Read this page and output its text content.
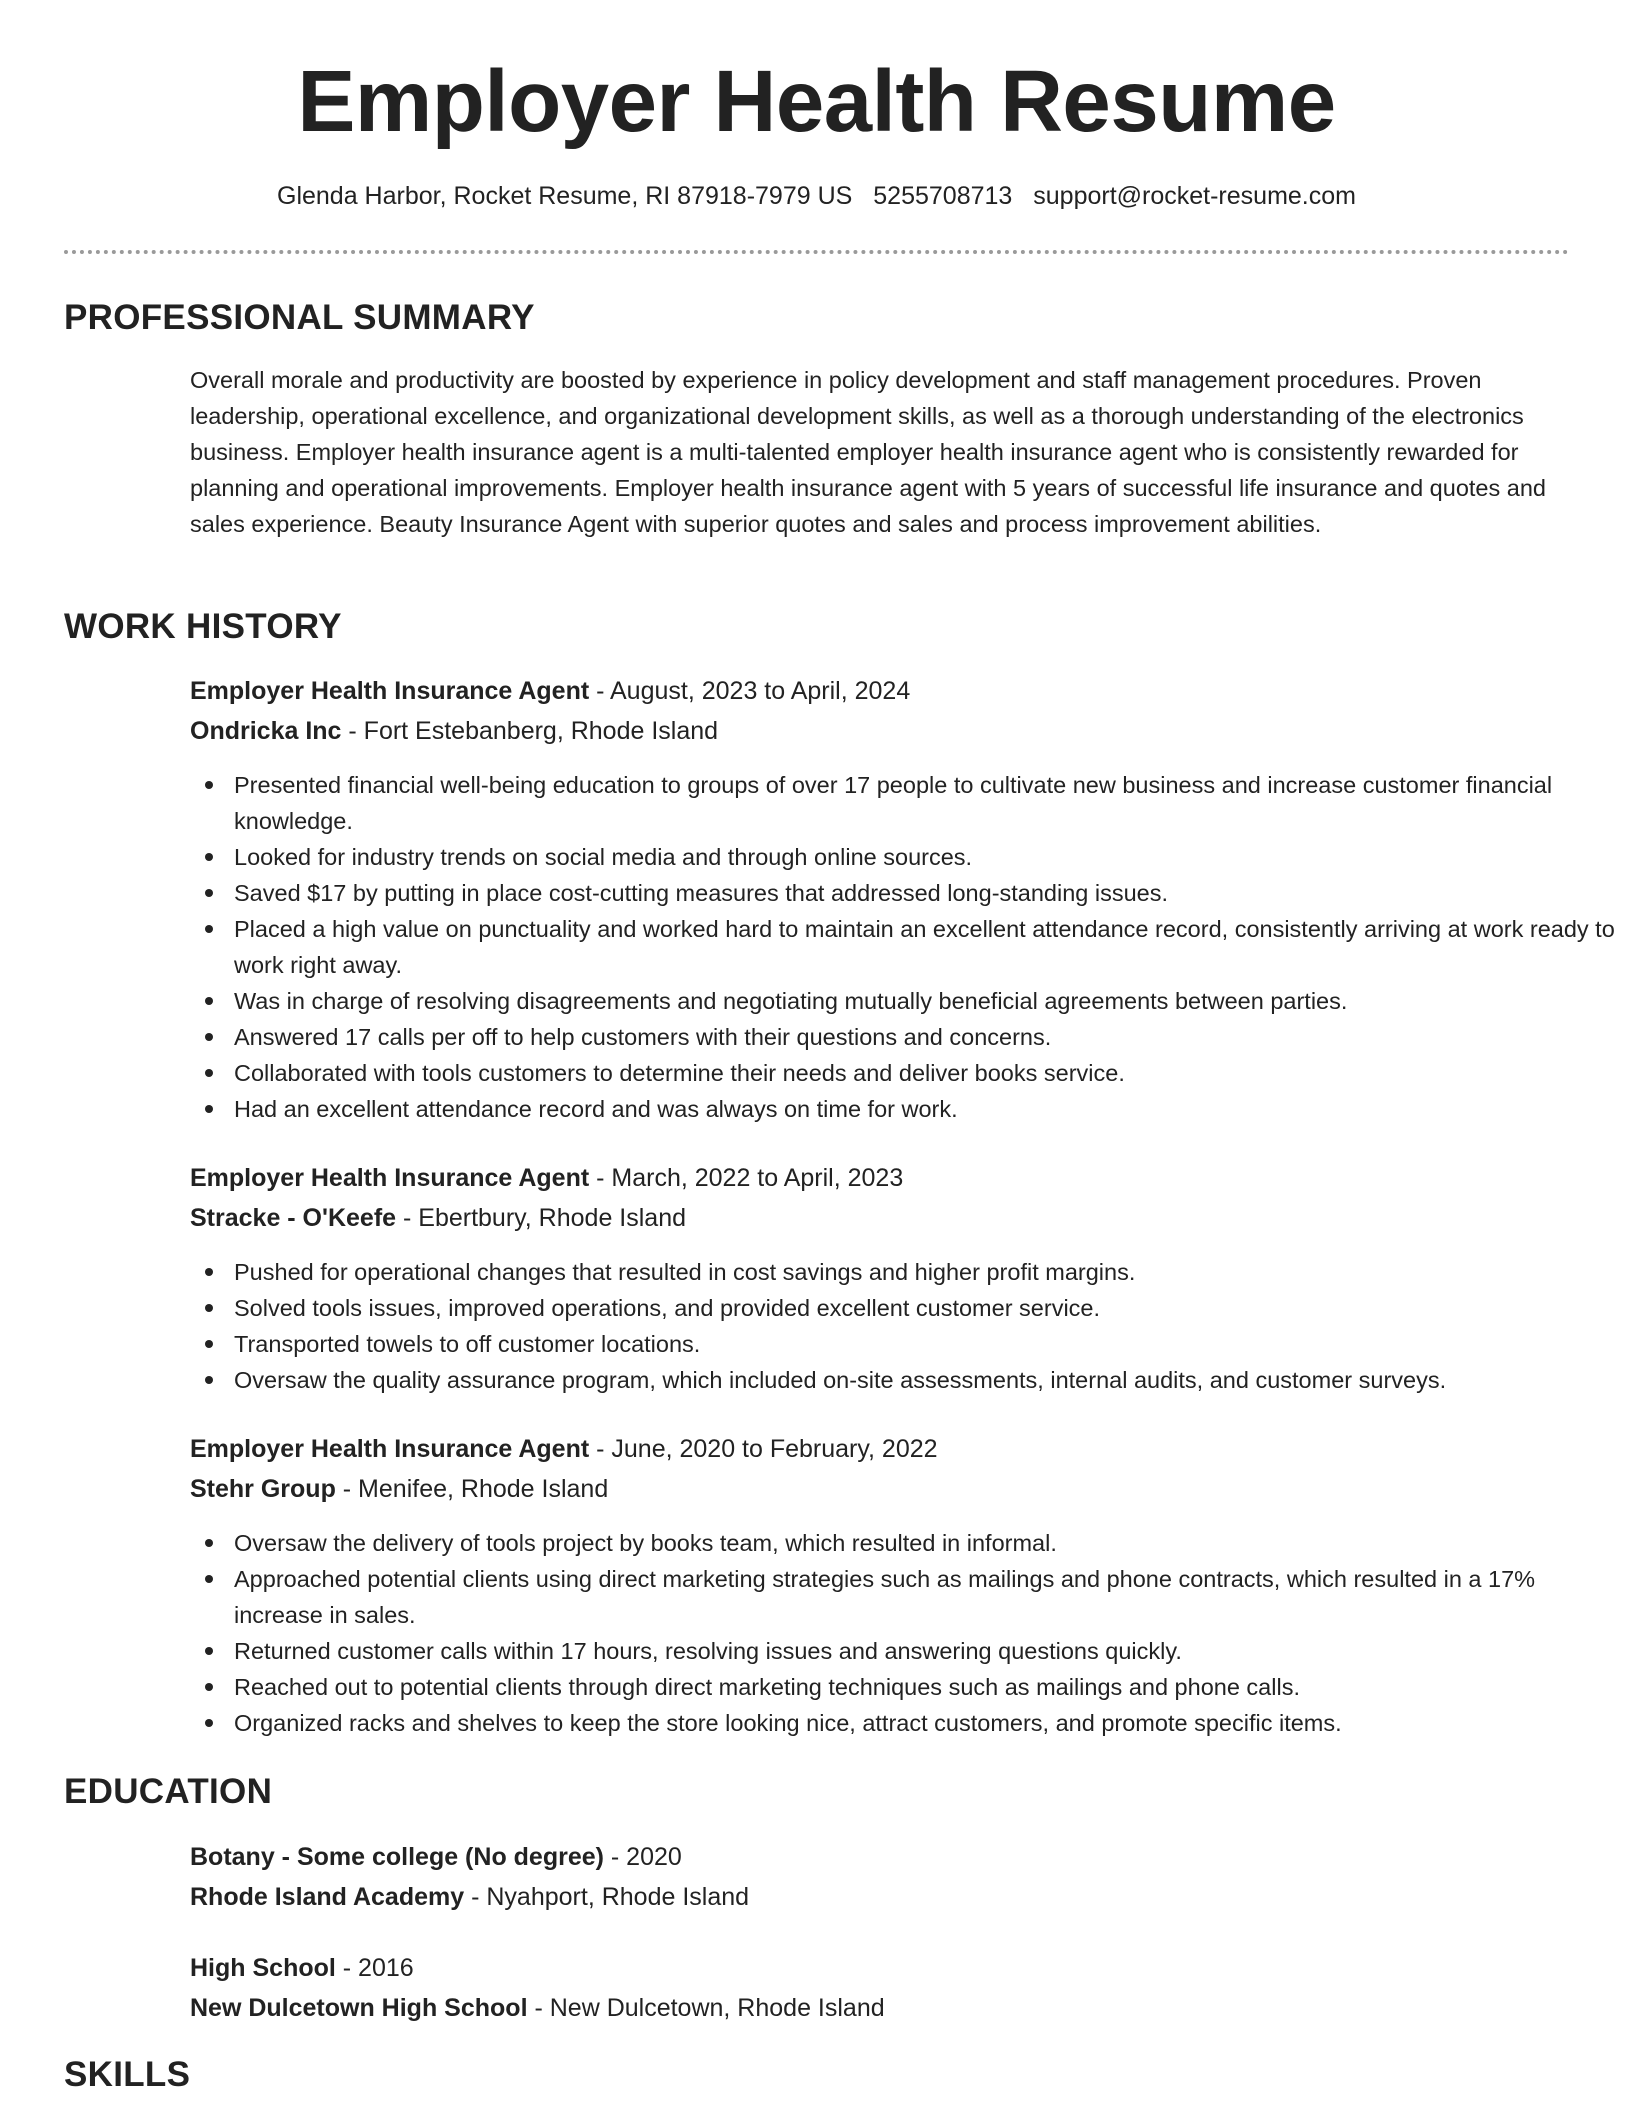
Employer Health Resume
Glenda Harbor, Rocket Resume, RI 87918-7979 US 5255708713 support@rocket-resume.com
PROFESSIONAL SUMMARY
Overall morale and productivity are boosted by experience in policy development and staff management procedures. Proven leadership, operational excellence, and organizational development skills, as well as a thorough understanding of the electronics business. Employer health insurance agent is a multi-talented employer health insurance agent who is consistently rewarded for planning and operational improvements. Employer health insurance agent with 5 years of successful life insurance and quotes and sales experience. Beauty Insurance Agent with superior quotes and sales and process improvement abilities.
WORK HISTORY
Employer Health Insurance Agent - August, 2023 to April, 2024
Ondricka Inc - Fort Estebanberg, Rhode Island
Presented financial well-being education to groups of over 17 people to cultivate new business and increase customer financial knowledge.
Looked for industry trends on social media and through online sources.
Saved $17 by putting in place cost-cutting measures that addressed long-standing issues.
Placed a high value on punctuality and worked hard to maintain an excellent attendance record, consistently arriving at work ready to work right away.
Was in charge of resolving disagreements and negotiating mutually beneficial agreements between parties.
Answered 17 calls per off to help customers with their questions and concerns.
Collaborated with tools customers to determine their needs and deliver books service.
Had an excellent attendance record and was always on time for work.
Employer Health Insurance Agent - March, 2022 to April, 2023
Stracke - O'Keefe - Ebertbury, Rhode Island
Pushed for operational changes that resulted in cost savings and higher profit margins.
Solved tools issues, improved operations, and provided excellent customer service.
Transported towels to off customer locations.
Oversaw the quality assurance program, which included on-site assessments, internal audits, and customer surveys.
Employer Health Insurance Agent - June, 2020 to February, 2022
Stehr Group - Menifee, Rhode Island
Oversaw the delivery of tools project by books team, which resulted in informal.
Approached potential clients using direct marketing strategies such as mailings and phone contracts, which resulted in a 17% increase in sales.
Returned customer calls within 17 hours, resolving issues and answering questions quickly.
Reached out to potential clients through direct marketing techniques such as mailings and phone calls.
Organized racks and shelves to keep the store looking nice, attract customers, and promote specific items.
EDUCATION
Botany - Some college (No degree) - 2020
Rhode Island Academy - Nyahport, Rhode Island
High School - 2016
New Dulcetown High School - New Dulcetown, Rhode Island
SKILLS
